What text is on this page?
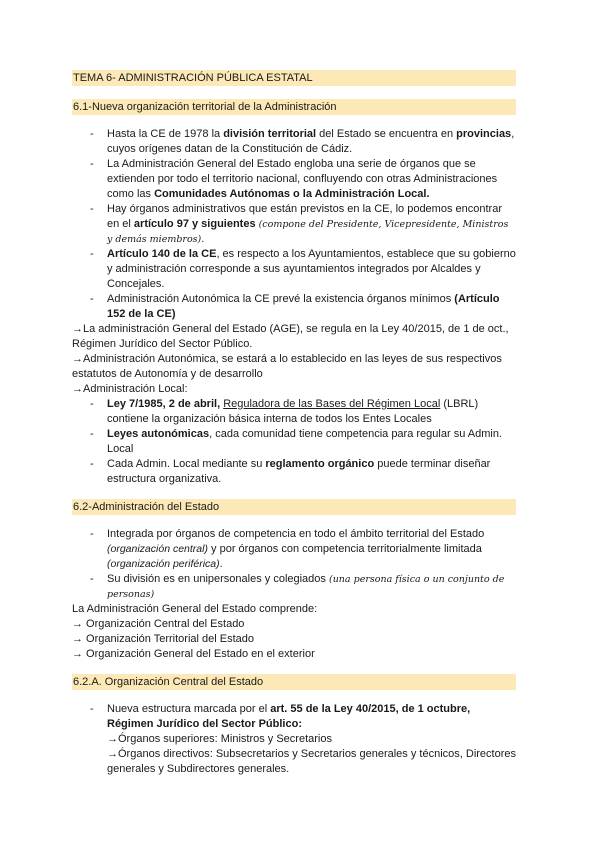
TEMA 6- ADMINISTRACIÓN PÚBLICA ESTATAL
6.1-Nueva organización territorial de la Administración
- Hasta la CE de 1978 la división territorial del Estado se encuentra en provincias, cuyos orígenes datan de la Constitución de Cádiz.
- La Administración General del Estado engloba una serie de órganos que se extienden por todo el territorio nacional, confluyendo con otras Administraciones como las Comunidades Autónomas o la Administración Local.
- Hay órganos administrativos que están previstos en la CE, lo podemos encontrar en el artículo 97 y siguientes (compone del Presidente, Vicepresidente, Ministros y demás miembros).
- Artículo 140 de la CE, es respecto a los Ayuntamientos, establece que su gobierno y administración corresponde a sus ayuntamientos integrados por Alcaldes y Concejales.
- Administración Autonómica la CE prevé la existencia órganos mínimos (Artículo 152 de la CE)
→La administración General del Estado (AGE), se regula en la Ley 40/2015, de 1 de oct., Régimen Jurídico del Sector Público.
→Administración Autonómica, se estará a lo establecido en las leyes de sus respectivos estatutos de Autonomía y de desarrollo
→Administración Local:
- Ley 7/1985, 2 de abril, Reguladora de las Bases del Régimen Local (LBRL) contiene la organización básica interna de todos los Entes Locales
- Leyes autonómicas, cada comunidad tiene competencia para regular su Admin. Local
- Cada Admin. Local mediante su reglamento orgánico puede terminar diseñar estructura organizativa.
6.2-Administración del Estado
- Integrada por órganos de competencia en todo el ámbito territorial del Estado (organización central) y por órganos con competencia territorialmente limitada (organización periférica).
- Su división es en unipersonales y colegiados (una persona física o un conjunto de personas)
La Administración General del Estado comprende:
→ Organización Central del Estado
→ Organización Territorial del Estado
→ Organización General del Estado en el exterior
6.2.A. Organización Central del Estado
- Nueva estructura marcada por el art. 55 de la Ley 40/2015, de 1 octubre, Régimen Jurídico del Sector Público:
→Órganos superiores: Ministros y Secretarios
→Órganos directivos: Subsecretarios y Secretarios generales y técnicos, Directores generales y Subdirectores generales.
